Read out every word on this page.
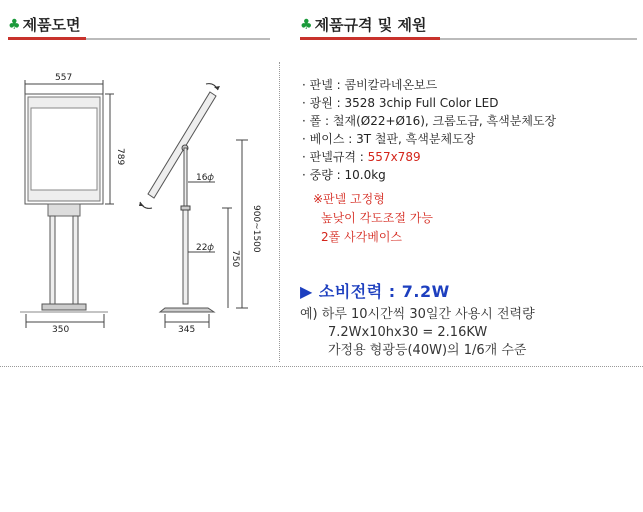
♣ 제품도면	♣ 제품규격 및 제원
557
789
350
16𝜙
22𝜙	900~1500
750
345
· 판넬 : 콤비칼라네온보드
· 광원 : 3528 3chip Full Color LED
· 폴 : 철재(Ø22+Ø16), 크롬도금, 흑색분체도장
· 베이스 : 3T 철판, 흑색분체도장
· 판넬규격 : 557x789
· 중량 : 10.0kg
※판넬 고정형
높낮이 각도조절 가능
2폴 사각베이스
▶ 소비전력 : 7.2W
예) 하루 10시간씩 30일간 사용시 전력량
7.2Wx10hx30 = 2.16KW
가정용 형광등(40W)의 1/6개 수준
